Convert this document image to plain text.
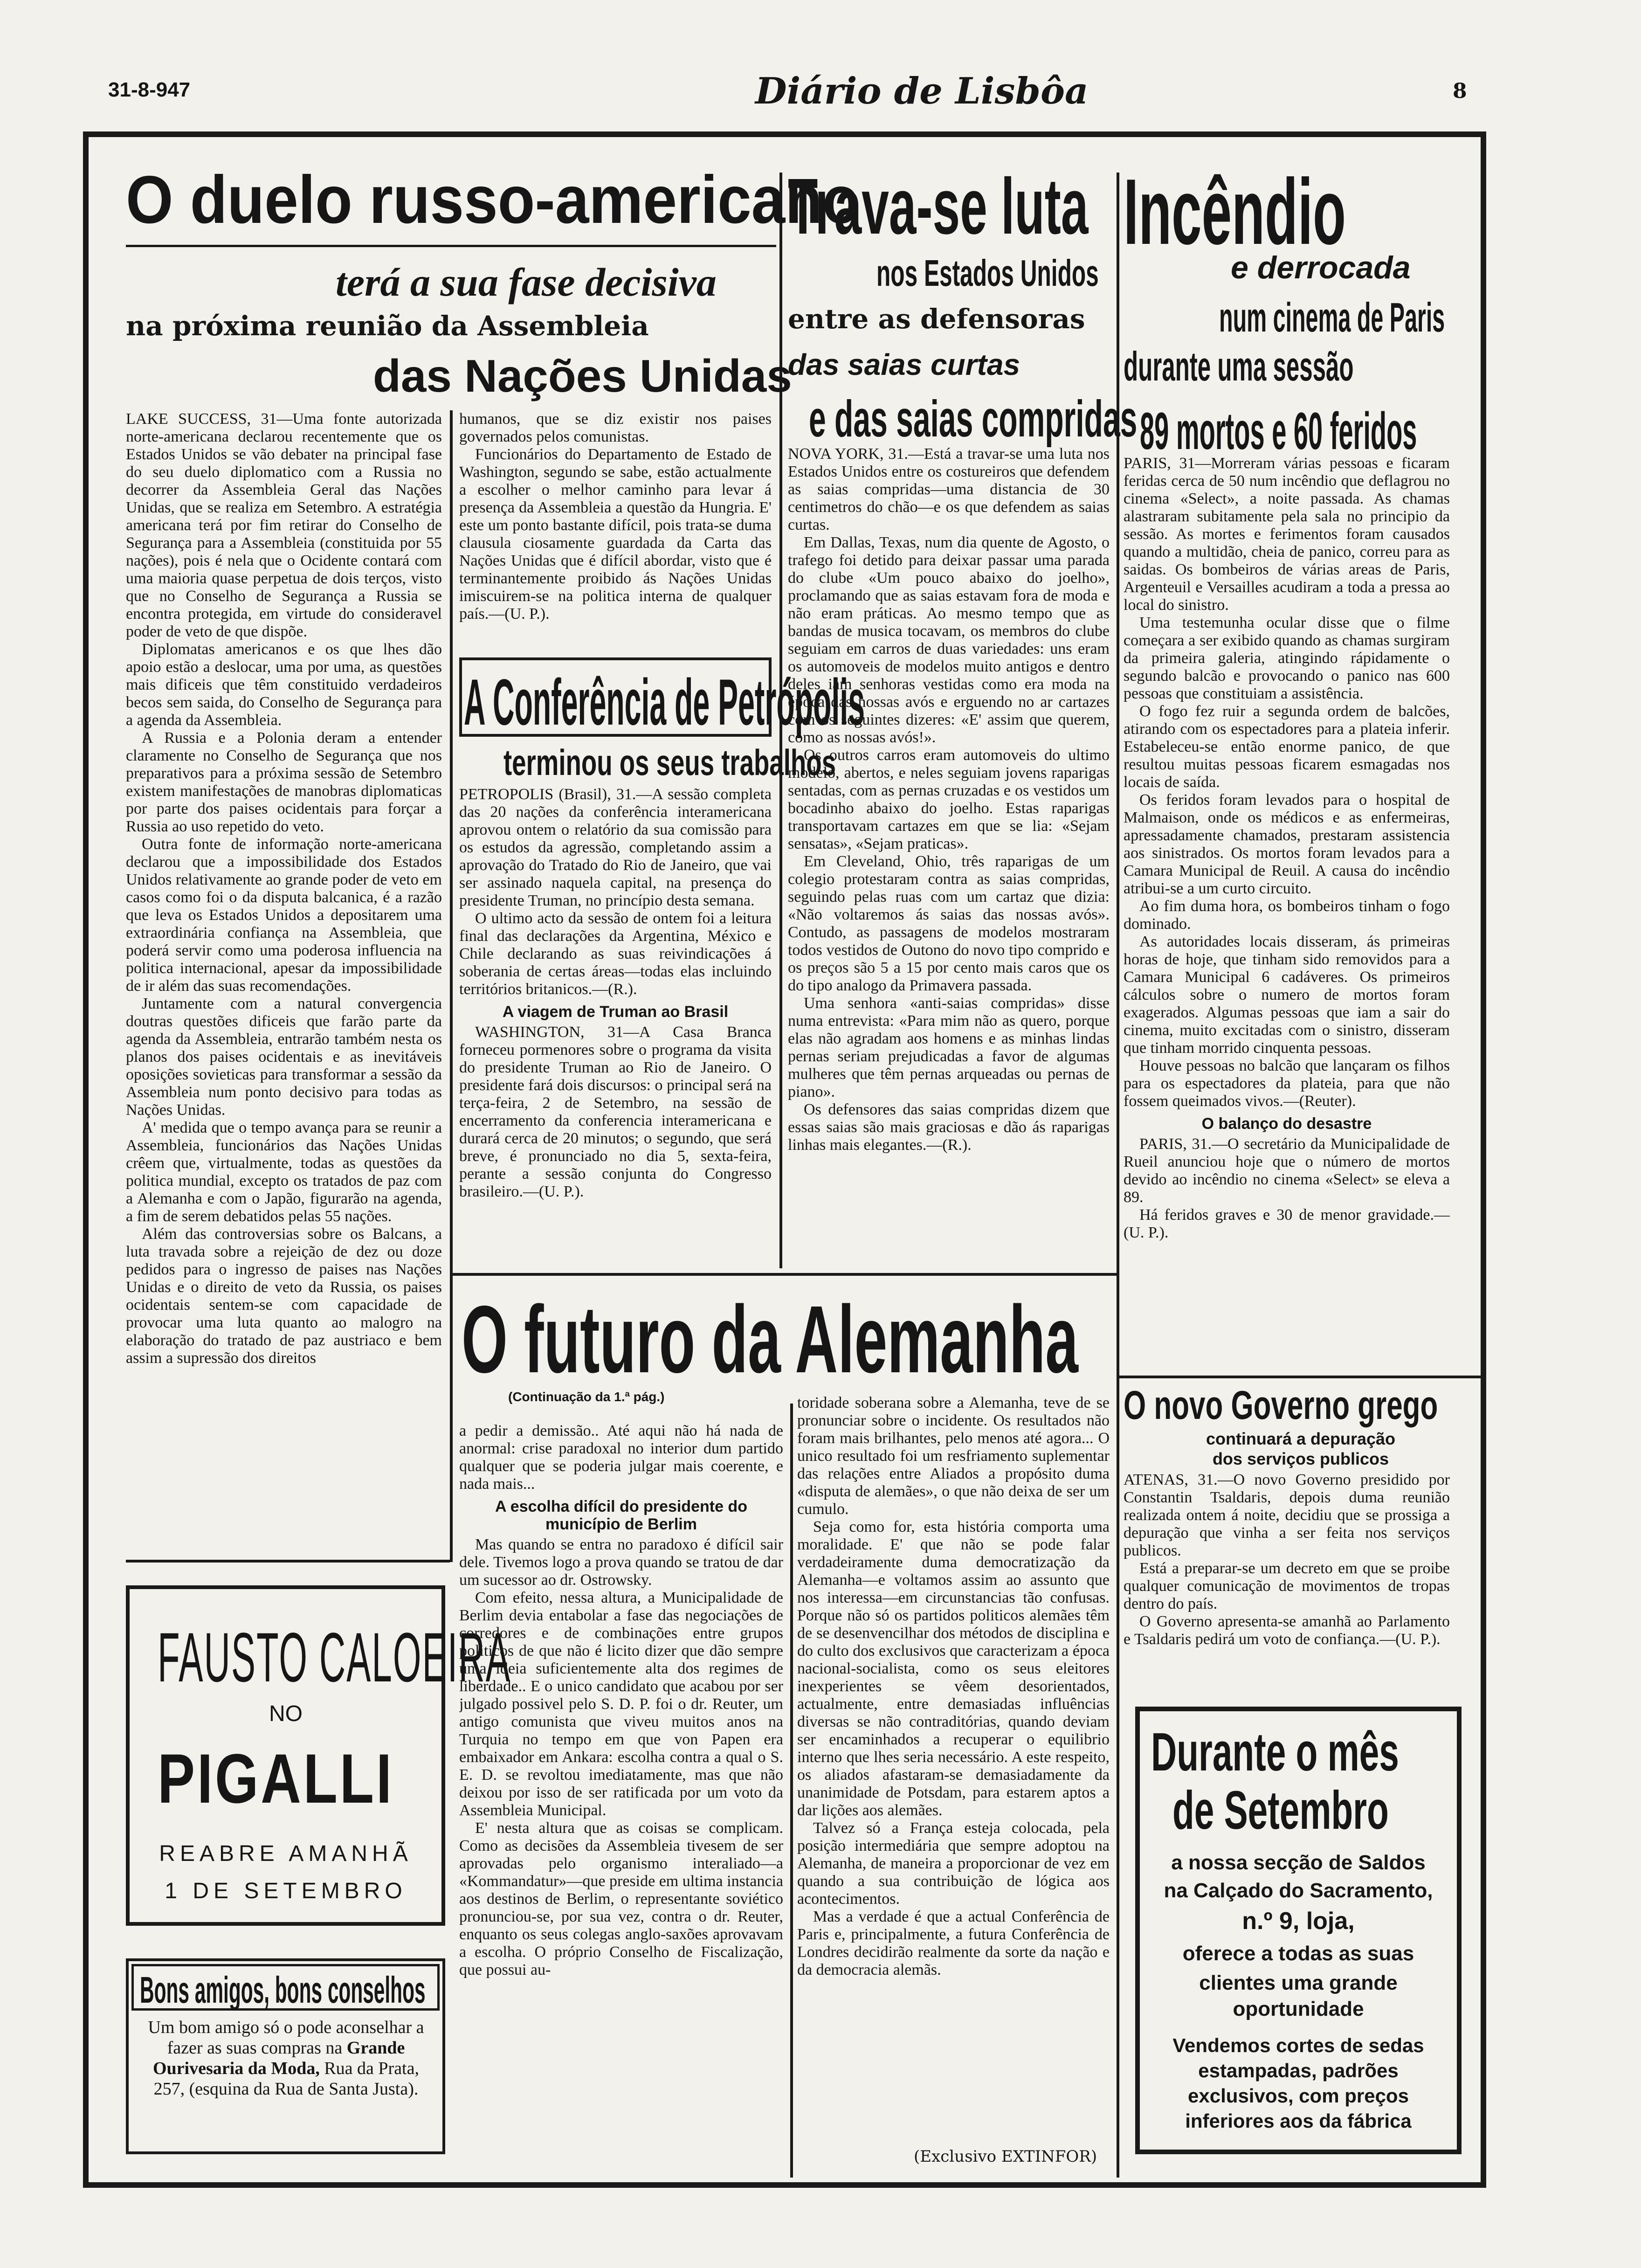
31-8-947	Diário de Lisbôa	8
O duelo russo-americano
terá a sua fase decisiva
na próxima reunião da Assembleia
das Nações Unidas

LAKE SUCCESS, 31—Uma fonte autorizada norte-americana declarou recentemente que os Estados Unidos se vão debater na principal fase do seu duelo diplomatico com a Russia no decorrer da Assembleia Geral das Nações Unidas, que se realiza em Setembro. A estratégia americana terá por fim retirar do Conselho de Segurança para a Assembleia (constituida por 55 nações), pois é nela que o Ocidente contará com uma maioria quase perpetua de dois terços, visto que no Conselho de Segurança a Russia se encontra protegida, em virtude do consideravel poder de veto de que dispõe.

Diplomatas americanos e os que lhes dão apoio estão a deslocar, uma por uma, as questões mais dificeis que têm constituido verdadeiros becos sem saida, do Conselho de Segurança para a agenda da Assembleia.

A Russia e a Polonia deram a entender claramente no Conselho de Segurança que nos preparativos para a próxima sessão de Setembro existem manifestações de manobras diplomaticas por parte dos paises ocidentais para forçar a Russia ao uso repetido do veto.

Outra fonte de informação norte-americana declarou que a impossibilidade dos Estados Unidos relativamente ao grande poder de veto em casos como foi o da disputa balcanica, é a razão que leva os Estados Unidos a depositarem uma extraordinária confiança na Assembleia, que poderá servir como uma poderosa influencia na politica internacional, apesar da impossibilidade de ir além das suas recomendações.

Juntamente com a natural convergencia doutras questões dificeis que farão parte da agenda da Assembleia, entrarão também nesta os planos dos paises ocidentais e as inevitáveis oposições sovieticas para transformar a sessão da Assembleia num ponto decisivo para todas as Nações Unidas.

A' medida que o tempo avança para se reunir a Assembleia, funcionários das Nações Unidas crêem que, virtualmente, todas as questões da politica mundial, excepto os tratados de paz com a Alemanha e com o Japão, figurarão na agenda, a fim de serem debatidos pelas 55 nações.

Além das controversias sobre os Balcans, a luta travada sobre a rejeição de dez ou doze pedidos para o ingresso de paises nas Nações Unidas e o direito de veto da Russia, os paises ocidentais sentem-se com capacidade de provocar uma luta quanto ao malogro na elaboração do tratado de paz austriaco e bem assim a supressão dos direitos

humanos, que se diz existir nos paises governados pelos comunistas.

Funcionários do Departamento de Estado de Washington, segundo se sabe, estão actualmente a escolher o melhor caminho para levar á presença da Assembleia a questão da Hungria. E' este um ponto bastante difícil, pois trata-se duma clausula ciosamente guardada da Carta das Nações Unidas que é difícil abordar, visto que é terminantemente proibido ás Nações Unidas imiscuirem-se na politica interna de qualquer país.—(U. P.).

A Conferência de Petrópolis
terminou os seus trabalhos

PETROPOLIS (Brasil), 31.—A sessão completa das 20 nações da conferência interamericana aprovou ontem o relatório da sua comissão para os estudos da agressão, completando assim a aprovação do Tratado do Rio de Janeiro, que vai ser assinado naquela capital, na presença do presidente Truman, no princípio desta semana.

O ultimo acto da sessão de ontem foi a leitura final das declarações da Argentina, México e Chile declarando as suas reivindicações á soberania de certas áreas—todas elas incluindo territórios britanicos.—(R.).

A viagem de Truman ao Brasil

WASHINGTON, 31—A Casa Branca forneceu pormenores sobre o programa da visita do presidente Truman ao Rio de Janeiro. O presidente fará dois discursos: o principal será na terça-feira, 2 de Setembro, na sessão de encerramento da conferencia interamericana e durará cerca de 20 minutos; o segundo, que será breve, é pronunciado no dia 5, sexta-feira, perante a sessão conjunta do Congresso brasileiro.—(U. P.).

Trava-se luta
nos Estados Unidos
entre as defensoras
das saias curtas
e das saias compridas

NOVA YORK, 31.—Está a travar-se uma luta nos Estados Unidos entre os costureiros que defendem as saias compridas—uma distancia de 30 centimetros do chão—e os que defendem as saias curtas.

Em Dallas, Texas, num dia quente de Agosto, o trafego foi detido para deixar passar uma parada do clube «Um pouco abaixo do joelho», proclamando que as saias estavam fora de moda e não eram práticas. Ao mesmo tempo que as bandas de musica tocavam, os membros do clube seguiam em carros de duas variedades: uns eram os automoveis de modelos muito antigos e dentro deles iam senhoras vestidas como era moda na época das nossas avós e erguendo no ar cartazes com os seguintes dizeres: «E' assim que querem, como as nossas avós!».

Os outros carros eram automoveis do ultimo modelo, abertos, e neles seguiam jovens raparigas sentadas, com as pernas cruzadas e os vestidos um bocadinho abaixo do joelho. Estas raparigas transportavam cartazes em que se lia: «Sejam sensatas», «Sejam praticas».

Em Cleveland, Ohio, três raparigas de um colegio protestaram contra as saias compridas, seguindo pelas ruas com um cartaz que dizia: «Não voltaremos ás saias das nossas avós». Contudo, as passagens de modelos mostraram todos vestidos de Outono do novo tipo comprido e os preços são 5 a 15 por cento mais caros que os do tipo analogo da Primavera passada.

Uma senhora «anti-saias compridas» disse numa entrevista: «Para mim não as quero, porque elas não agradam aos homens e as minhas lindas pernas seriam prejudicadas a favor de algumas mulheres que têm pernas arqueadas ou pernas de piano».

Os defensores das saias compridas dizem que essas saias são mais graciosas e dão ás raparigas linhas mais elegantes.—(R.).

Incêndio
e derrocada
num cinema de Paris
durante uma sessão
89 mortos e 60 feridos

PARIS, 31—Morreram várias pessoas e ficaram feridas cerca de 50 num incêndio que deflagrou no cinema «Select», a noite passada. As chamas alastraram subitamente pela sala no principio da sessão. As mortes e ferimentos foram causados quando a multidão, cheia de panico, correu para as saidas. Os bombeiros de várias areas de Paris, Argenteuil e Versailles acudiram a toda a pressa ao local do sinistro.

Uma testemunha ocular disse que o filme começara a ser exibido quando as chamas surgiram da primeira galeria, atingindo rápidamente o segundo balcão e provocando o panico nas 600 pessoas que constituiam a assistência.

O fogo fez ruir a segunda ordem de balcões, atirando com os espectadores para a plateia inferir. Estabeleceu-se então enorme panico, de que resultou muitas pessoas ficarem esmagadas nos locais de saída.

Os feridos foram levados para o hospital de Malmaison, onde os médicos e as enfermeiras, apressadamente chamados, prestaram assistencia aos sinistrados. Os mortos foram levados para a Camara Municipal de Reuil. A causa do incêndio atribui-se a um curto circuito.

Ao fim duma hora, os bombeiros tinham o fogo dominado.

As autoridades locais disseram, ás primeiras horas de hoje, que tinham sido removidos para a Camara Municipal 6 cadáveres. Os primeiros cálculos sobre o numero de mortos foram exagerados. Algumas pessoas que iam a sair do cinema, muito excitadas com o sinistro, disseram que tinham morrido cinquenta pessoas.

Houve pessoas no balcão que lançaram os filhos para os espectadores da plateia, para que não fossem queimados vivos.—(Reuter).

O balanço do desastre

PARIS, 31.—O secretário da Municipalidade de Rueil anunciou hoje que o número de mortos devido ao incêndio no cinema «Select» se eleva a 89.

Há feridos graves e 30 de menor gravidade.—(U. P.).

O futuro da Alemanha
(Continuação da 1.ª pág.)

a pedir a demissão.. Até aqui não há nada de anormal: crise paradoxal no interior dum partido qualquer que se poderia julgar mais coerente, e nada mais...

A escolha difícil do presidente do município de Berlim

Mas quando se entra no paradoxo é difícil sair dele. Tivemos logo a prova quando se tratou de dar um sucessor ao dr. Ostrowsky.

Com efeito, nessa altura, a Municipalidade de Berlim devia entabolar a fase das negociações de corredores e de combinações entre grupos politicos de que não é licito dizer que dão sempre uma ideia suficientemente alta dos regimes de liberdade.. E o unico candidato que acabou por ser julgado possivel pelo S. D. P. foi o dr. Reuter, um antigo comunista que viveu muitos anos na Turquia no tempo em que von Papen era embaixador em Ankara: escolha contra a qual o S. E. D. se revoltou imediatamente, mas que não deixou por isso de ser ratificada por um voto da Assembleia Municipal.

E' nesta altura que as coisas se complicam. Como as decisões da Assembleia tivesem de ser aprovadas pelo organismo interaliado—a «Kommandatur»—que preside em ultima instancia aos destinos de Berlim, o representante soviético pronunciou-se, por sua vez, contra o dr. Reuter, enquanto os seus colegas anglo-saxões aprovavam a escolha. O próprio Conselho de Fiscalização, que possui au-

toridade soberana sobre a Alemanha, teve de se pronunciar sobre o incidente. Os resultados não foram mais brilhantes, pelo menos até agora... O unico resultado foi um resfriamento suplementar das relações entre Aliados a propósito duma «disputa de alemães», o que não deixa de ser um cumulo.

Seja como for, esta história comporta uma moralidade. E' que não se pode falar verdadeiramente duma democratização da Alemanha—e voltamos assim ao assunto que nos interessa—em circunstancias tão confusas. Porque não só os partidos politicos alemães têm de se desenvencilhar dos métodos de disciplina e do culto dos exclusivos que caracterizam a época nacional-socialista, como os seus eleitores inexperientes se vêem desorientados, actualmente, entre demasiadas influências diversas se não contraditórias, quando deviam ser encaminhados a recuperar o equilibrio interno que lhes seria necessário. A este respeito, os aliados afastaram-se demasiadamente da unanimidade de Potsdam, para estarem aptos a dar lições aos alemães.

Talvez só a França esteja colocada, pela posição intermediária que sempre adoptou na Alemanha, de maneira a proporcionar de vez em quando a sua contribuição de lógica aos acontecimentos.

Mas a verdade é que a actual Conferência de Paris e, principalmente, a futura Conferência de Londres decidirão realmente da sorte da nação e da democracia alemãs.

(Exclusivo EXTINFOR)
O novo Governo grego
continuará a depuração
dos serviços publicos

ATENAS, 31.—O novo Governo presidido por Constantin Tsaldaris, depois duma reunião realizada ontem á noite, decidiu que se prossiga a depuração que vinha a ser feita nos serviços publicos.

Está a preparar-se um decreto em que se proibe qualquer comunicação de movimentos de tropas dentro do país.

O Governo apresenta-se amanhã ao Parlamento e Tsaldaris pedirá um voto de confiança.—(U. P.).

FAUSTO CALOEIRA
NO
PIGALLI
REABRE AMANHÃ
1 DE SETEMBRO
Bons amigos, bons conselhos
Um bom amigo só o pode aconselhar a fazer as suas compras na Grande Ourivesaria da Moda, Rua da Prata, 257, (esquina da Rua de Santa Justa).
Durante o mês
de Setembro
a nossa secção de Saldos
na Calçado do Sacramento,
n.º 9, loja,
oferece a todas as suas
clientes uma grande oportunidade
Vendemos cortes de sedas estampadas, padrões exclusivos, com preços inferiores aos da fábrica
